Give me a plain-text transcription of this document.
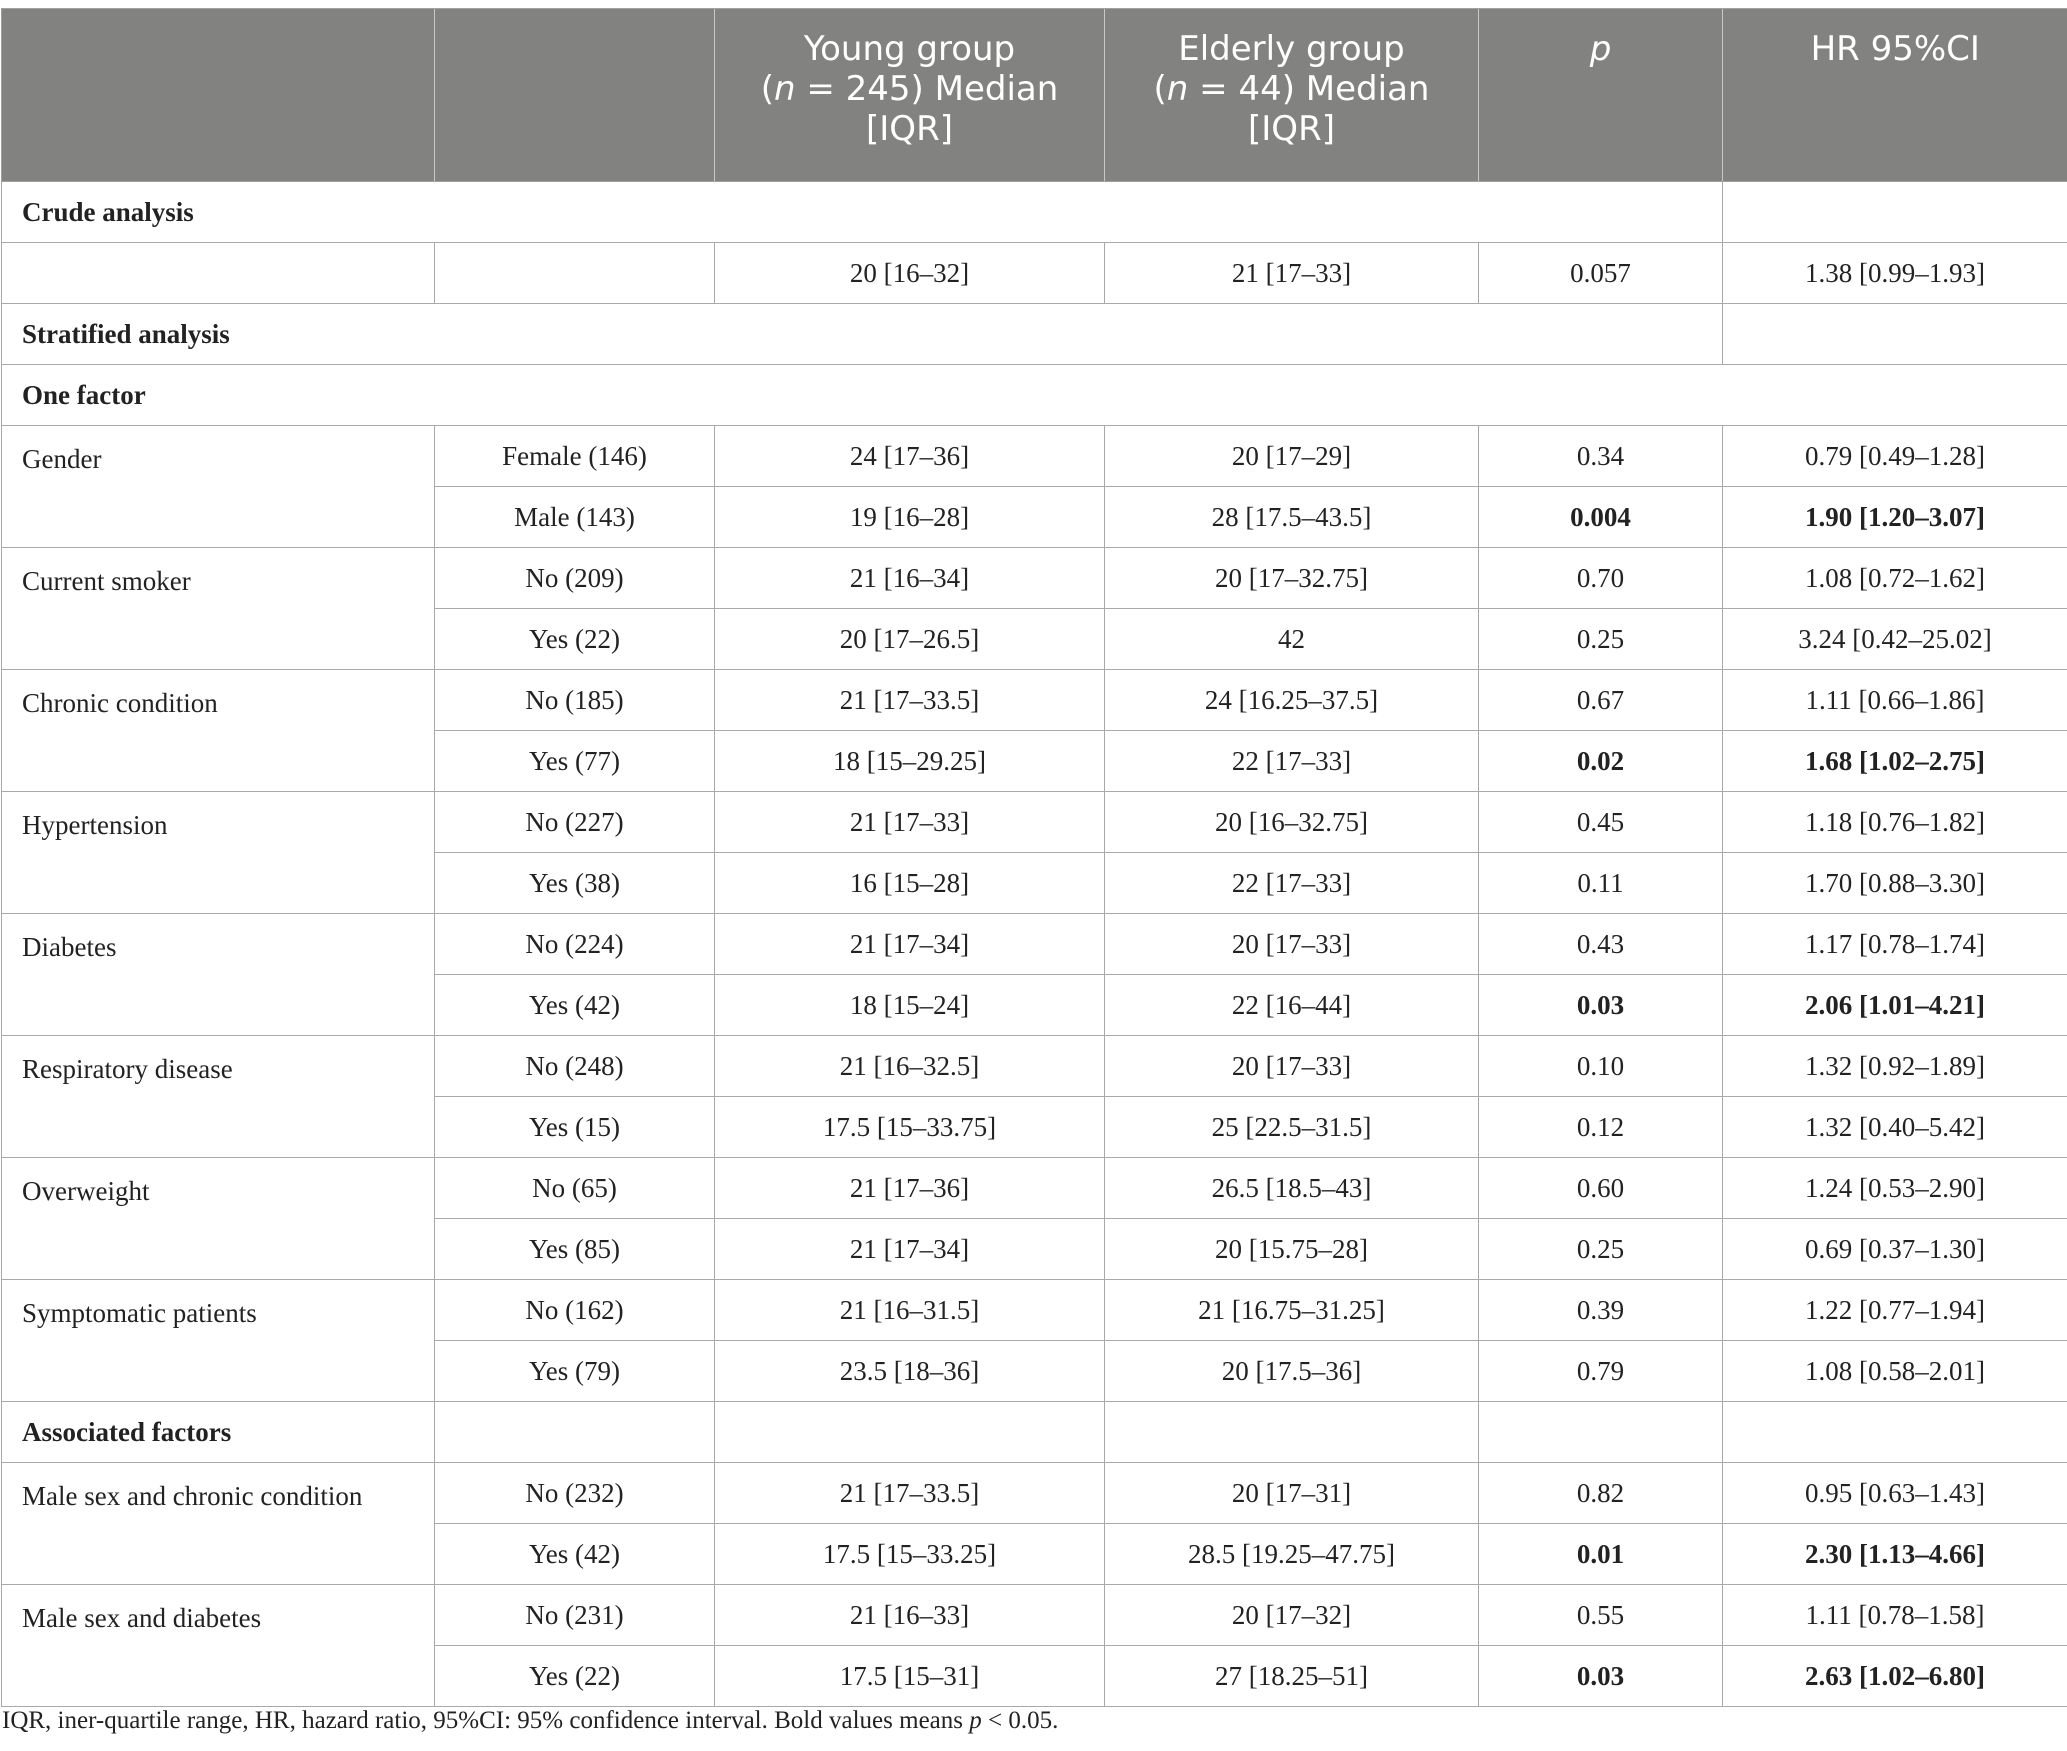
		Young group
(n = 245) Median
[IQR]	Elderly group
(n = 44) Median
[IQR]	p	HR 95%CI
Crude analysis					
		20 [16–32]	21 [17–33]	0.057	1.38 [0.99–1.93]
Stratified analysis					
One factor					
Gender	Female (146)	24 [17–36]	20 [17–29]	0.34	0.79 [0.49–1.28]
	Male (143)	19 [16–28]	28 [17.5–43.5]	0.004	1.90 [1.20–3.07]
Current smoker	No (209)	21 [16–34]	20 [17–32.75]	0.70	1.08 [0.72–1.62]
	Yes (22)	20 [17–26.5]	42	0.25	3.24 [0.42–25.02]
Chronic condition	No (185)	21 [17–33.5]	24 [16.25–37.5]	0.67	1.11 [0.66–1.86]
	Yes (77)	18 [15–29.25]	22 [17–33]	0.02	1.68 [1.02–2.75]
Hypertension	No (227)	21 [17–33]	20 [16–32.75]	0.45	1.18 [0.76–1.82]
	Yes (38)	16 [15–28]	22 [17–33]	0.11	1.70 [0.88–3.30]
Diabetes	No (224)	21 [17–34]	20 [17–33]	0.43	1.17 [0.78–1.74]
	Yes (42)	18 [15–24]	22 [16–44]	0.03	2.06 [1.01–4.21]
Respiratory disease	No (248)	21 [16–32.5]	20 [17–33]	0.10	1.32 [0.92–1.89]
	Yes (15)	17.5 [15–33.75]	25 [22.5–31.5]	0.12	1.32 [0.40–5.42]
Overweight	No (65)	21 [17–36]	26.5 [18.5–43]	0.60	1.24 [0.53–2.90]
	Yes (85)	21 [17–34]	20 [15.75–28]	0.25	0.69 [0.37–1.30]
Symptomatic patients	No (162)	21 [16–31.5]	21 [16.75–31.25]	0.39	1.22 [0.77–1.94]
	Yes (79)	23.5 [18–36]	20 [17.5–36]	0.79	1.08 [0.58–2.01]
Associated factors					
Male sex and chronic condition	No (232)	21 [17–33.5]	20 [17–31]	0.82	0.95 [0.63–1.43]
	Yes (42)	17.5 [15–33.25]	28.5 [19.25–47.75]	0.01	2.30 [1.13–4.66]
Male sex and diabetes	No (231)	21 [16–33]	20 [17–32]	0.55	1.11 [0.78–1.58]
	Yes (22)	17.5 [15–31]	27 [18.25–51]	0.03	2.63 [1.02–6.80]
IQR, iner-quartile range, HR, hazard ratio, 95%CI: 95% confidence interval. Bold values means p < 0.05.
